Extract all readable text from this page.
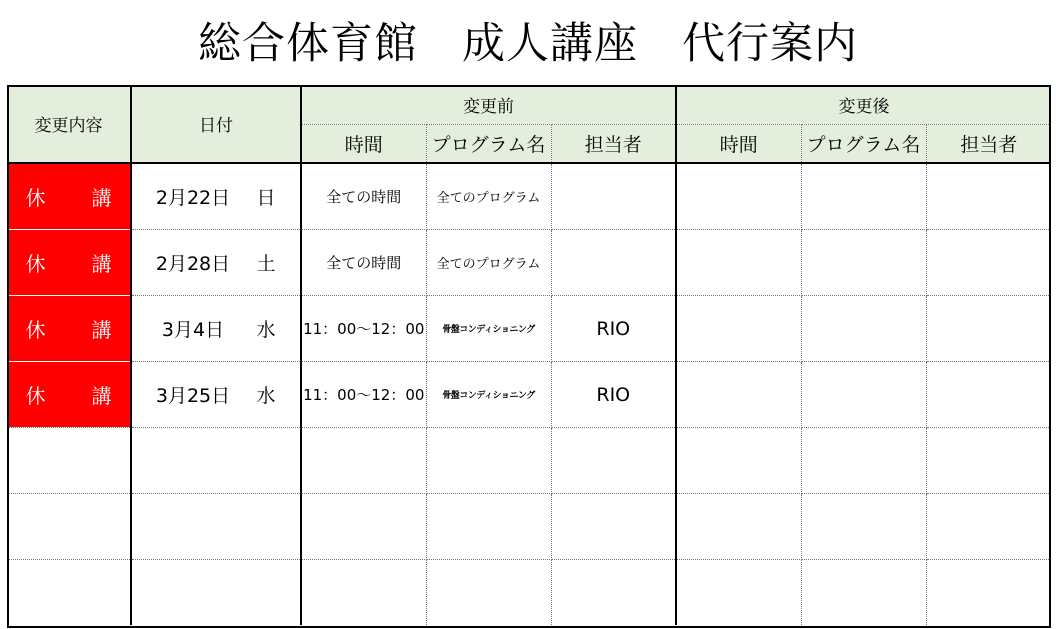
総合体育館　成人講座　代行案内
変更内容	日付	変更前			変更後		
		時間	プログラム名	担当者	時間	プログラム名	担当者
休 講	2月22日 日	全ての時間	全てのプログラム				
休 講	2月28日 土	全ての時間	全てのプログラム				
休 講	3月4日 水	11：00～12：00	骨盤コンディショニング	RIO			
休 講	3月25日 水	11：00～12：00	骨盤コンディショニング	RIO			
